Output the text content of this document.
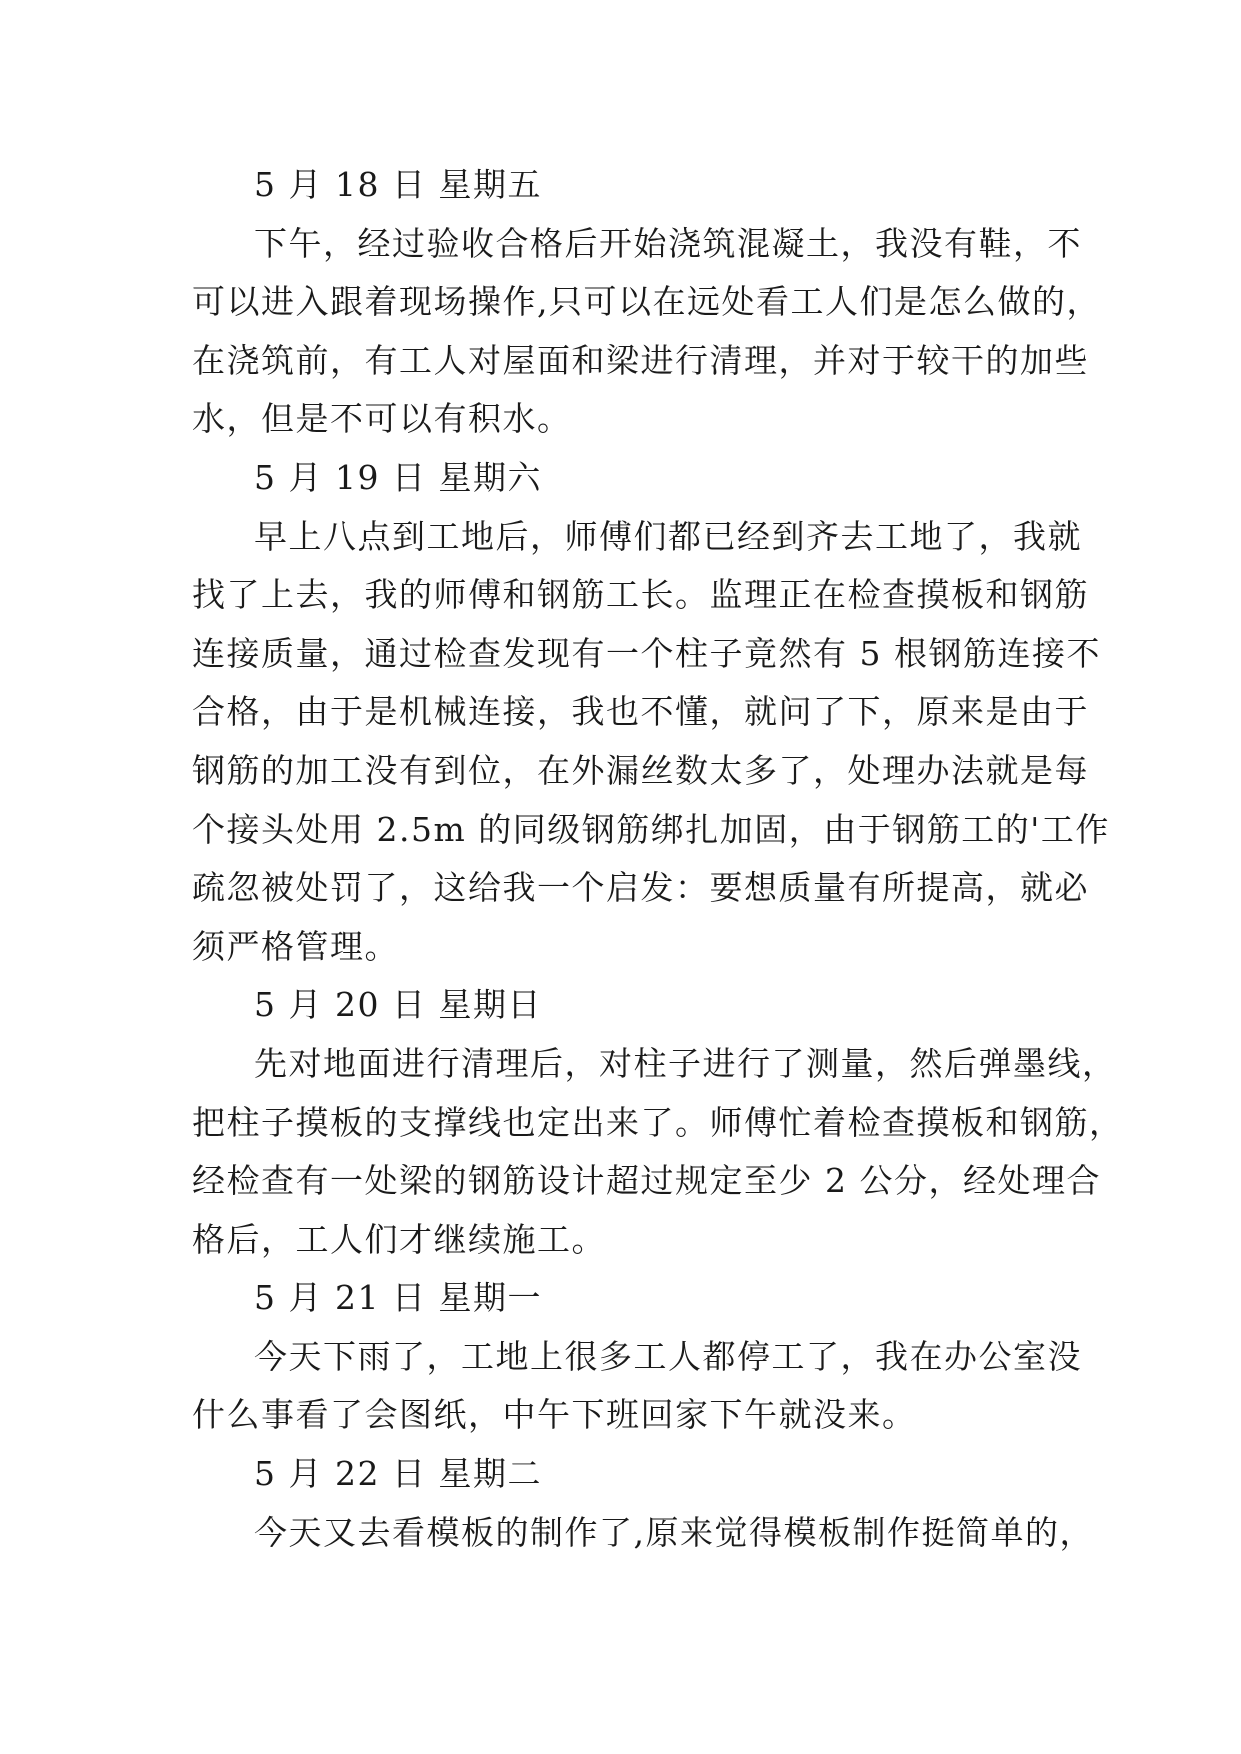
5 月 18 日 星期五
下午，经过验收合格后开始浇筑混凝土，我没有鞋，不
可以进入跟着现场操作,只可以在远处看工人们是怎么做的，
在浇筑前，有工人对屋面和梁进行清理，并对于较干的加些
水，但是不可以有积水。
5 月 19 日 星期六
早上八点到工地后，师傅们都已经到齐去工地了，我就
找了上去，我的师傅和钢筋工长。监理正在检查摸板和钢筋
连接质量，通过检查发现有一个柱子竟然有 5 根钢筋连接不
合格，由于是机械连接，我也不懂，就问了下，原来是由于
钢筋的加工没有到位，在外漏丝数太多了，处理办法就是每
个接头处用 2.5m 的同级钢筋绑扎加固，由于钢筋工的'工作
疏忽被处罚了，这给我一个启发：要想质量有所提高，就必
须严格管理。
5 月 20 日 星期日
先对地面进行清理后，对柱子进行了测量，然后弹墨线，
把柱子摸板的支撑线也定出来了。师傅忙着检查摸板和钢筋，
经检查有一处梁的钢筋设计超过规定至少 2 公分，经处理合
格后，工人们才继续施工。
5 月 21 日 星期一
今天下雨了，工地上很多工人都停工了，我在办公室没
什么事看了会图纸，中午下班回家下午就没来。
5 月 22 日 星期二
今天又去看模板的制作了,原来觉得模板制作挺简单的，
